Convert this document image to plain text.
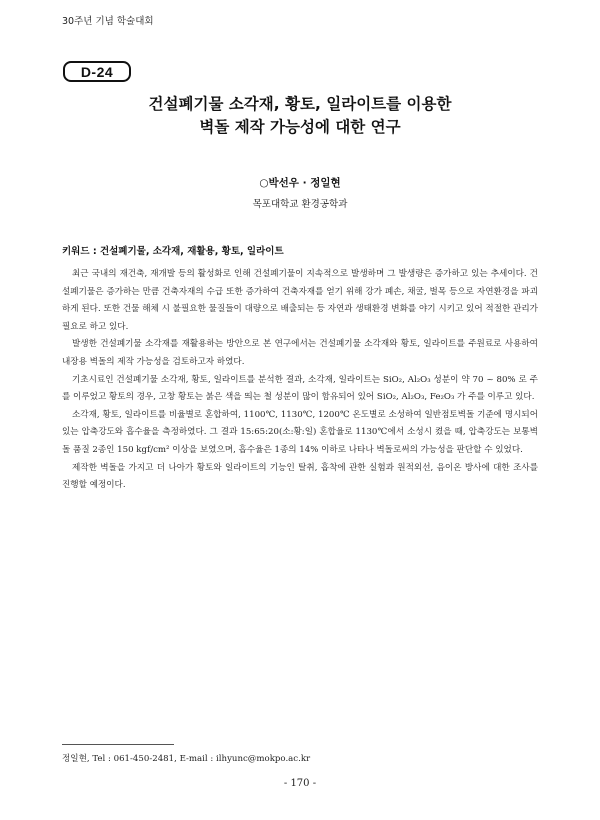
30주년 기념 학술대회
D-24
건설폐기물 소각재, 황토, 일라이트를 이용한
벽돌 제작 가능성에 대한 연구
○박선우 · 정일현
목포대학교 환경공학과
키워드 : 건설폐기물, 소각재, 재활용, 황토, 일라이트

최근 국내의 재건축, 재개발 등의 활성화로 인해 건설폐기물이 지속적으로 발생하며 그 발생량은 증가하고 있는 추세이다. 건설폐기물은 증가하는 만큼 건축자재의 수급 또한 증가하여 건축자재를 얻기 위해 강가 폐손, 채굴, 벌목 등으로 자연환경을 파괴하게 된다. 또한 건물 해체 시 불필요한 물질들이 대량으로 배출되는 등 자연과 생태환경 변화를 야기 시키고 있어 적절한 관리가 필요로 하고 있다.

발생한 건설폐기물 소각재를 재활용하는 방안으로 본 연구에서는 건설폐기물 소각재와 황토, 일라이트를 주원료로 사용하여 내장용 벽돌의 제작 가능성을 검토하고자 하였다.

기초시료인 건설폐기물 소각재, 황토, 일라이트를 분석한 결과, 소각재, 일라이트는 SiO₂, Al₂O₃ 성분이 약 70 ~ 80% 로 주를 이루었고 황토의 경우, 고창 황토는 붉은 색을 띄는 철 성분이 많이 함유되어 있어 SiO₂, Al₂O₃, Fe₂O₃ 가 주를 이루고 있다.

소각재, 황토, 일라이트를 비율별로 혼합하여, 1100℃, 1130℃, 1200℃ 온도별로 소성하여 일반점토벽돌 기준에 명시되어 있는 압축강도와 흡수율을 측정하였다. 그 결과 15:65:20(소:황:일) 혼합율로 1130℃에서 소성시 켰을 때, 압축강도는 보통벽돌 품질 2종인 150 kgf/cm² 이상을 보였으며, 흡수율은 1종의 14% 이하로 나타나 벽돌로써의 가능성을 판단할 수 있었다.

제작한 벽돌을 가지고 더 나아가 황토와 일라이트의 기능인 탈취, 흡착에 관한 실험과 원적외선, 음이온 방사에 대한 조사를 진행할 예정이다.

정일현, Tel : 061-450-2481, E-mail : ilhyunc@mokpo.ac.kr
- 170 -
